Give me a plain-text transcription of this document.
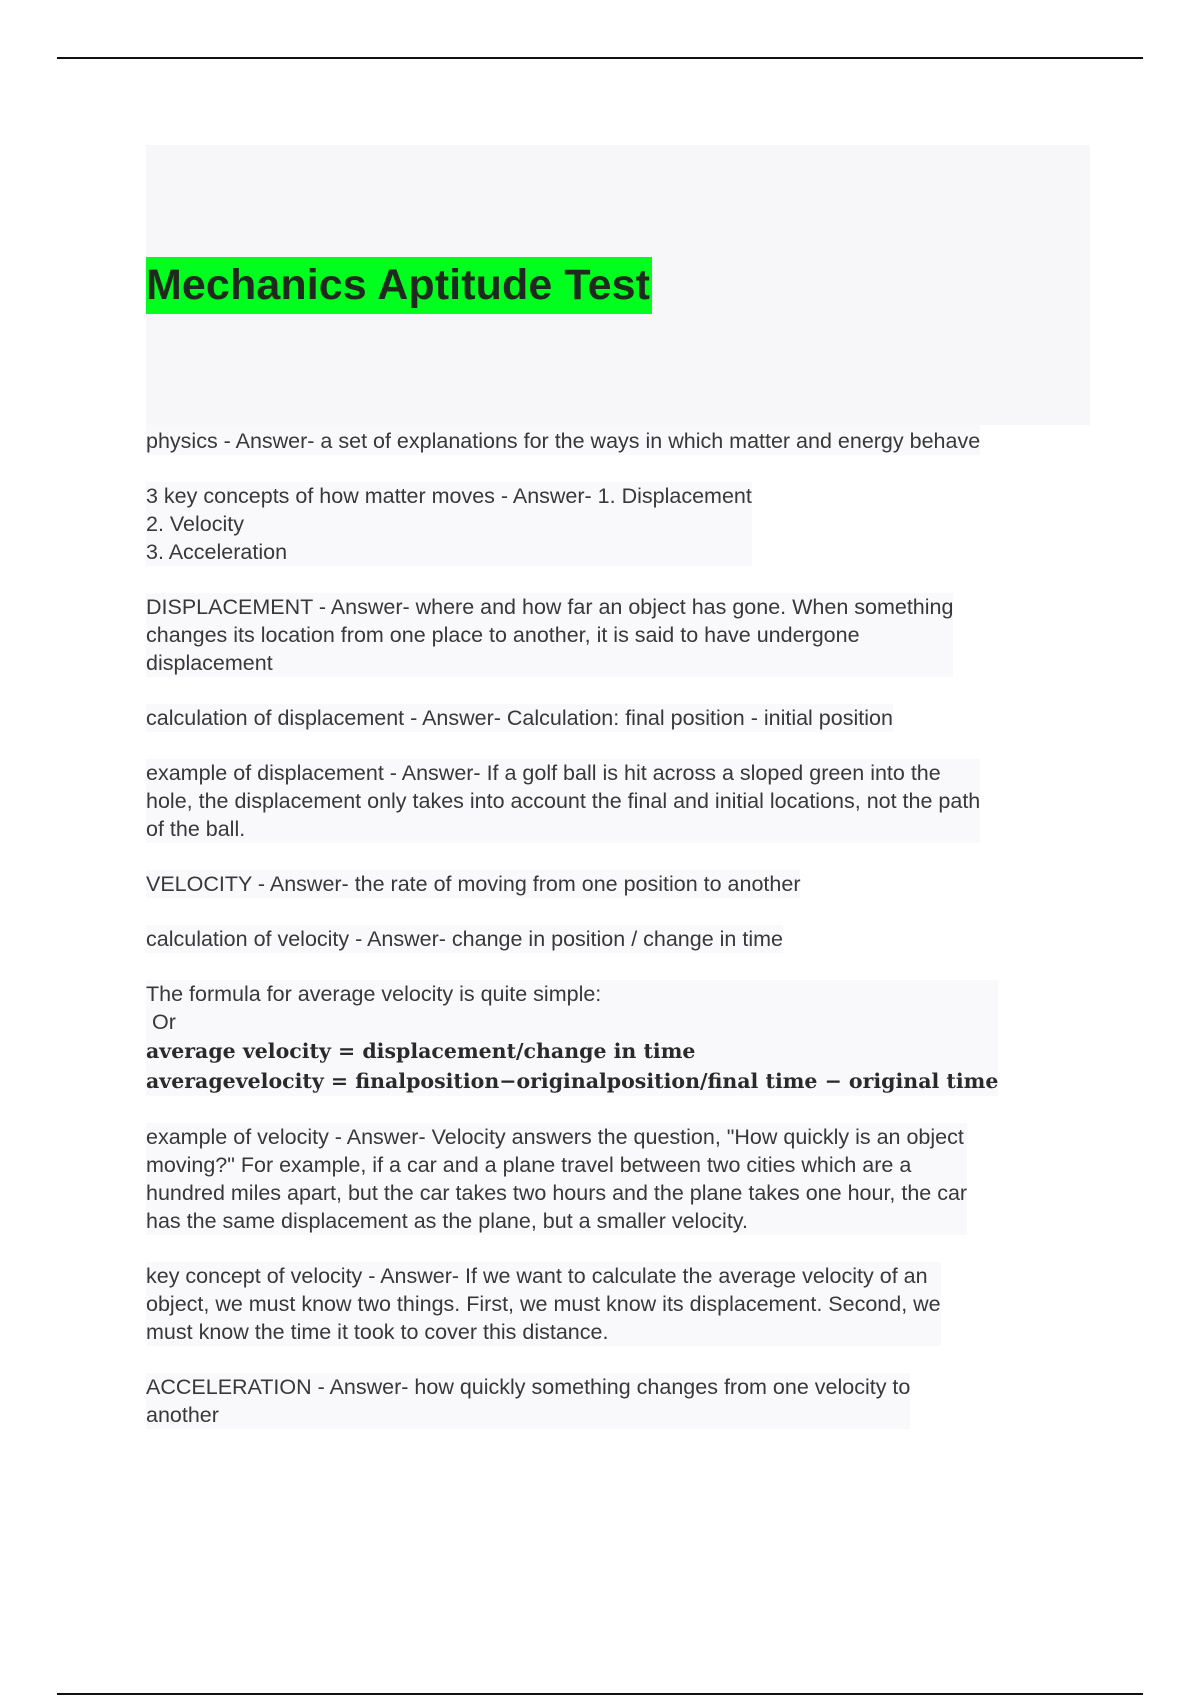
Mechanics Aptitude Test
physics - Answer- a set of explanations for the ways in which matter and energy behave
3 key concepts of how matter moves - Answer- 1. Displacement
2. Velocity
3. Acceleration
DISPLACEMENT - Answer- where and how far an object has gone. When something
changes its location from one place to another, it is said to have undergone
displacement
calculation of displacement - Answer- Calculation: final position - initial position
example of displacement - Answer- If a golf ball is hit across a sloped green into the
hole, the displacement only takes into account the final and initial locations, not the path
of the ball.
VELOCITY - Answer- the rate of moving from one position to another
calculation of velocity - Answer- change in position / change in time
The formula for average velocity is quite simple:
Or
average velocity = displacement/change in time
averagevelocity = finalposition−originalposition/final time − original time
example of velocity - Answer- Velocity answers the question, "How quickly is an object
moving?" For example, if a car and a plane travel between two cities which are a
hundred miles apart, but the car takes two hours and the plane takes one hour, the car
has the same displacement as the plane, but a smaller velocity.
key concept of velocity - Answer- If we want to calculate the average velocity of an
object, we must know two things. First, we must know its displacement. Second, we
must know the time it took to cover this distance.
ACCELERATION - Answer- how quickly something changes from one velocity to
another
